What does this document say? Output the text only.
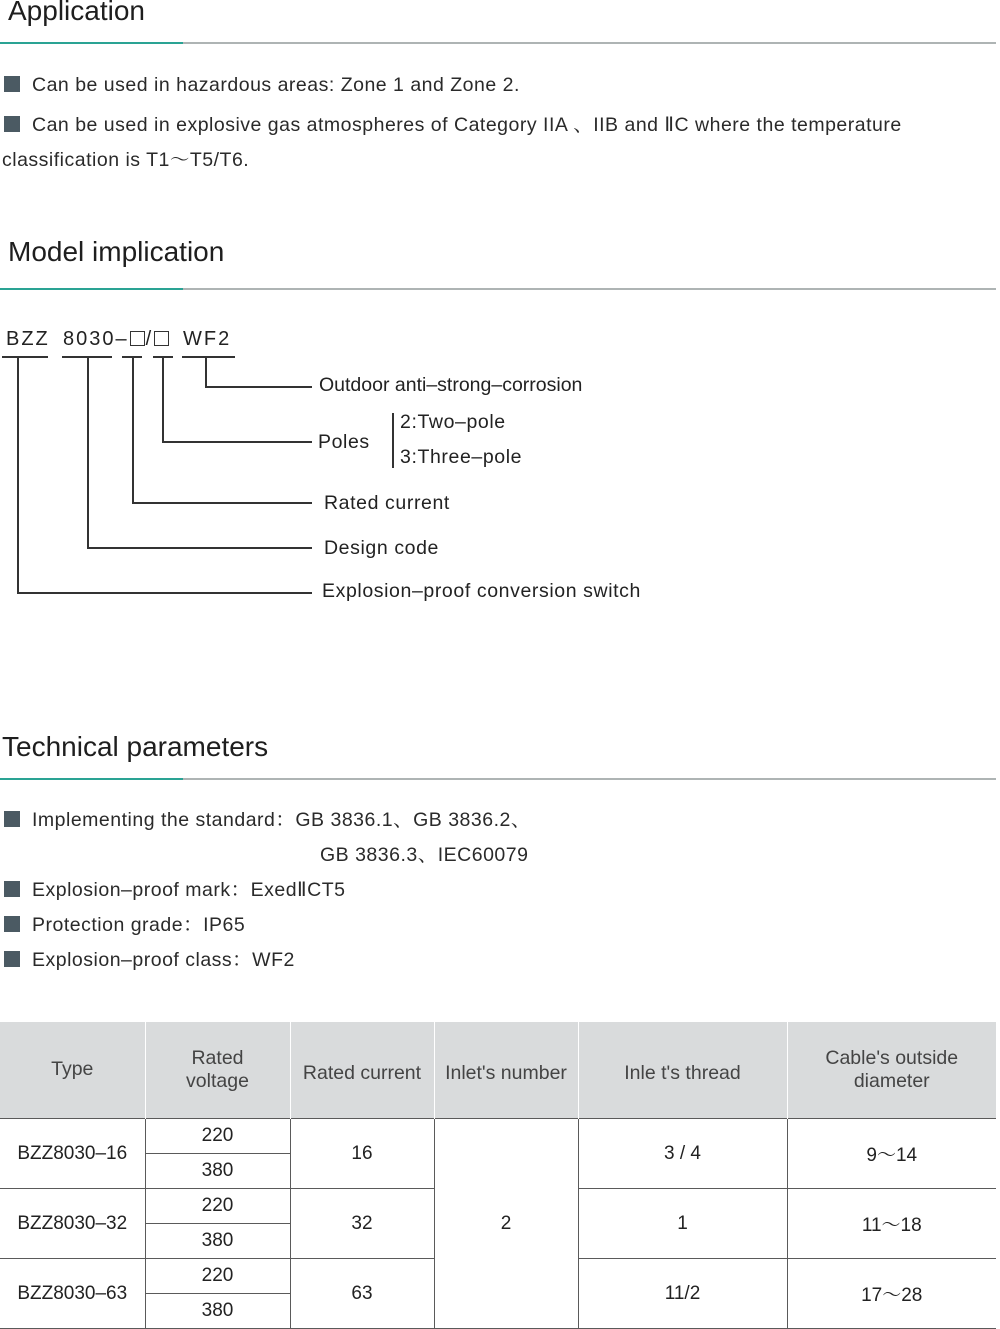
Application
Can be used in hazardous areas: Zone 1 and Zone 2.
Can be used in explosive gas atmospheres of Category IIA 、IIB and ⅡC where the temperature
classification is T1～T5/T6.
Model implication
BZZ 8030– /	WF2
Outdoor anti–strong–corrosion
Poles
2:Two–pole
3:Three–pole
Rated current
Design code
Explosion–proof conversion switch
Technical parameters
Implementing the standard：GB 3836.1、GB 3836.2、
GB 3836.3、IEC60079
Explosion–proof mark：ExedⅡCT5
Protection grade：IP65
Explosion–proof class：WF2
Type	Rated voltage	Rated current	Inlet's number	Inle t's thread	Cable's outside diameter
BZZ8030–16	220	16	2	3 / 4	9～14
	380				
BZZ8030–32	220	32		1	11～18
	380				
BZZ8030–63	220	63		11/2	17～28
	380				
